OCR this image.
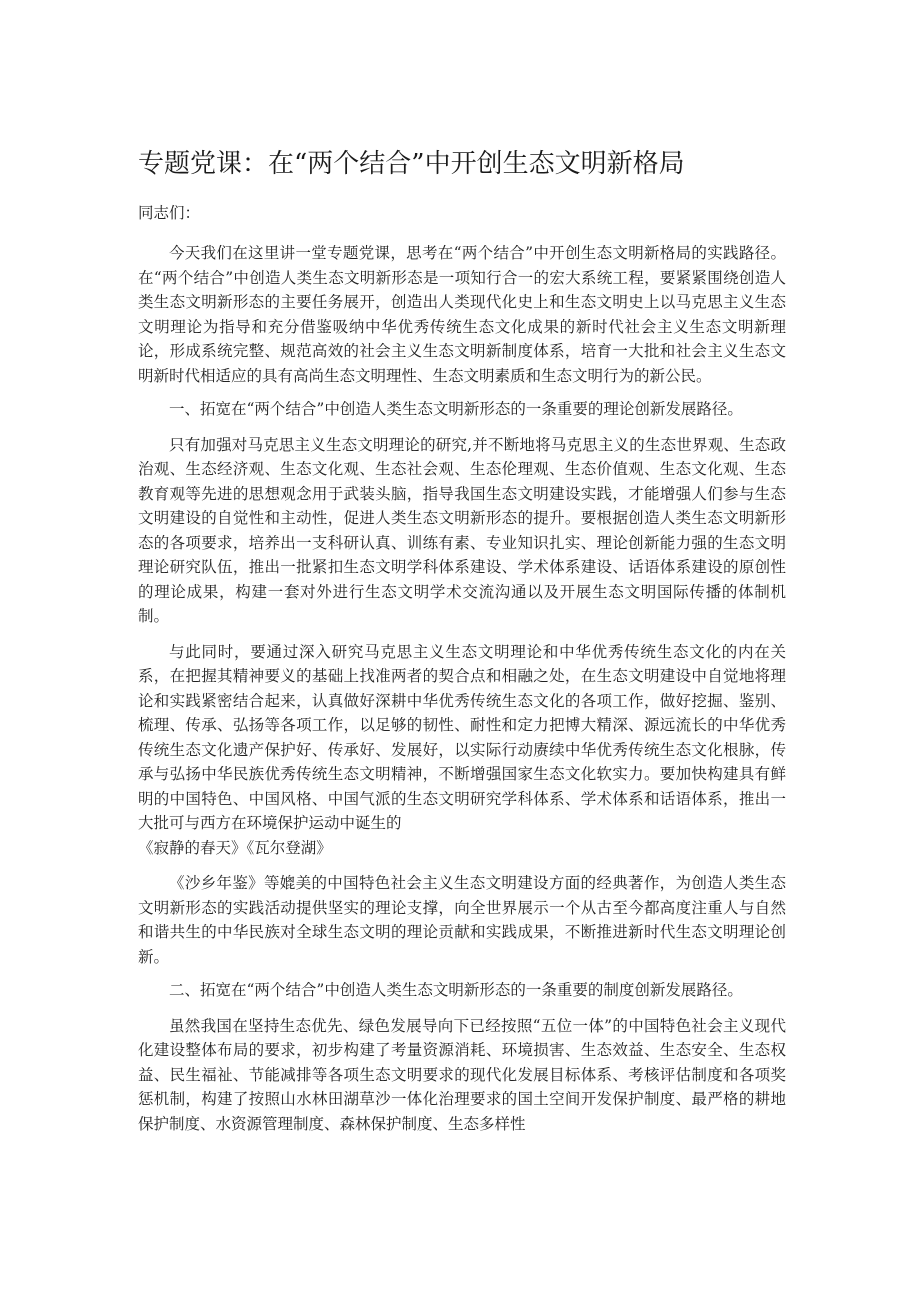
专题党课：在“两个结合”中开创生态文明新格局

同志们：

今天我们在这里讲一堂专题党课，思考在“两个结合”中开创生态文明新格局的实践路径。在“两个结合”中创造人类生态文明新形态是一项知行合一的宏大系统工程，要紧紧围绕创造人类生态文明新形态的主要任务展开，创造出人类现代化史上和生态文明史上以马克思主义生态文明理论为指导和充分借鉴吸纳中华优秀传统生态文化成果的新时代社会主义生态文明新理论，形成系统完整、规范高效的社会主义生态文明新制度体系，培育一大批和社会主义生态文明新时代相适应的具有高尚生态文明理性、生态文明素质和生态文明行为的新公民。

一、拓宽在“两个结合”中创造人类生态文明新形态的一条重要的理论创新发展路径。

只有加强对马克思主义生态文明理论的研究,并不断地将马克思主义的生态世界观、生态政治观、生态经济观、生态文化观、生态社会观、生态伦理观、生态价值观、生态文化观、生态教育观等先进的思想观念用于武装头脑，指导我国生态文明建设实践，才能增强人们参与生态文明建设的自觉性和主动性，促进人类生态文明新形态的提升。要根据创造人类生态文明新形态的各项要求，培养出一支科研认真、训练有素、专业知识扎实、理论创新能力强的生态文明理论研究队伍，推出一批紧扣生态文明学科体系建设、学术体系建设、话语体系建设的原创性的理论成果，构建一套对外进行生态文明学术交流沟通以及开展生态文明国际传播的体制机制。

与此同时，要通过深入研究马克思主义生态文明理论和中华优秀传统生态文化的内在关系，在把握其精神要义的基础上找准两者的契合点和相融之处，在生态文明建设中自觉地将理论和实践紧密结合起来，认真做好深耕中华优秀传统生态文化的各项工作，做好挖掘、鉴别、梳理、传承、弘扬等各项工作，以足够的韧性、耐性和定力把博大精深、源远流长的中华优秀传统生态文化遗产保护好、传承好、发展好，以实际行动赓续中华优秀传统生态文化根脉，传承与弘扬中华民族优秀传统生态文明精神，不断增强国家生态文化软实力。要加快构建具有鲜明的中国特色、中国风格、中国气派的生态文明研究学科体系、学术体系和话语体系，推出一大批可与西方在环境保护运动中诞生的

《寂静的春天》《瓦尔登湖》

《沙乡年鉴》等媲美的中国特色社会主义生态文明建设方面的经典著作，为创造人类生态文明新形态的实践活动提供坚实的理论支撑，向全世界展示一个从古至今都高度注重人与自然和谐共生的中华民族对全球生态文明的理论贡献和实践成果，不断推进新时代生态文明理论创新。

二、拓宽在“两个结合”中创造人类生态文明新形态的一条重要的制度创新发展路径。

虽然我国在坚持生态优先、绿色发展导向下已经按照“五位一体”的中国特色社会主义现代化建设整体布局的要求，初步构建了考量资源消耗、环境损害、生态效益、生态安全、生态权益、民生福祉、节能减排等各项生态文明要求的现代化发展目标体系、考核评估制度和各项奖惩机制，构建了按照山水林田湖草沙一体化治理要求的国土空间开发保护制度、最严格的耕地保护制度、水资源管理制度、森林保护制度、生态多样性
